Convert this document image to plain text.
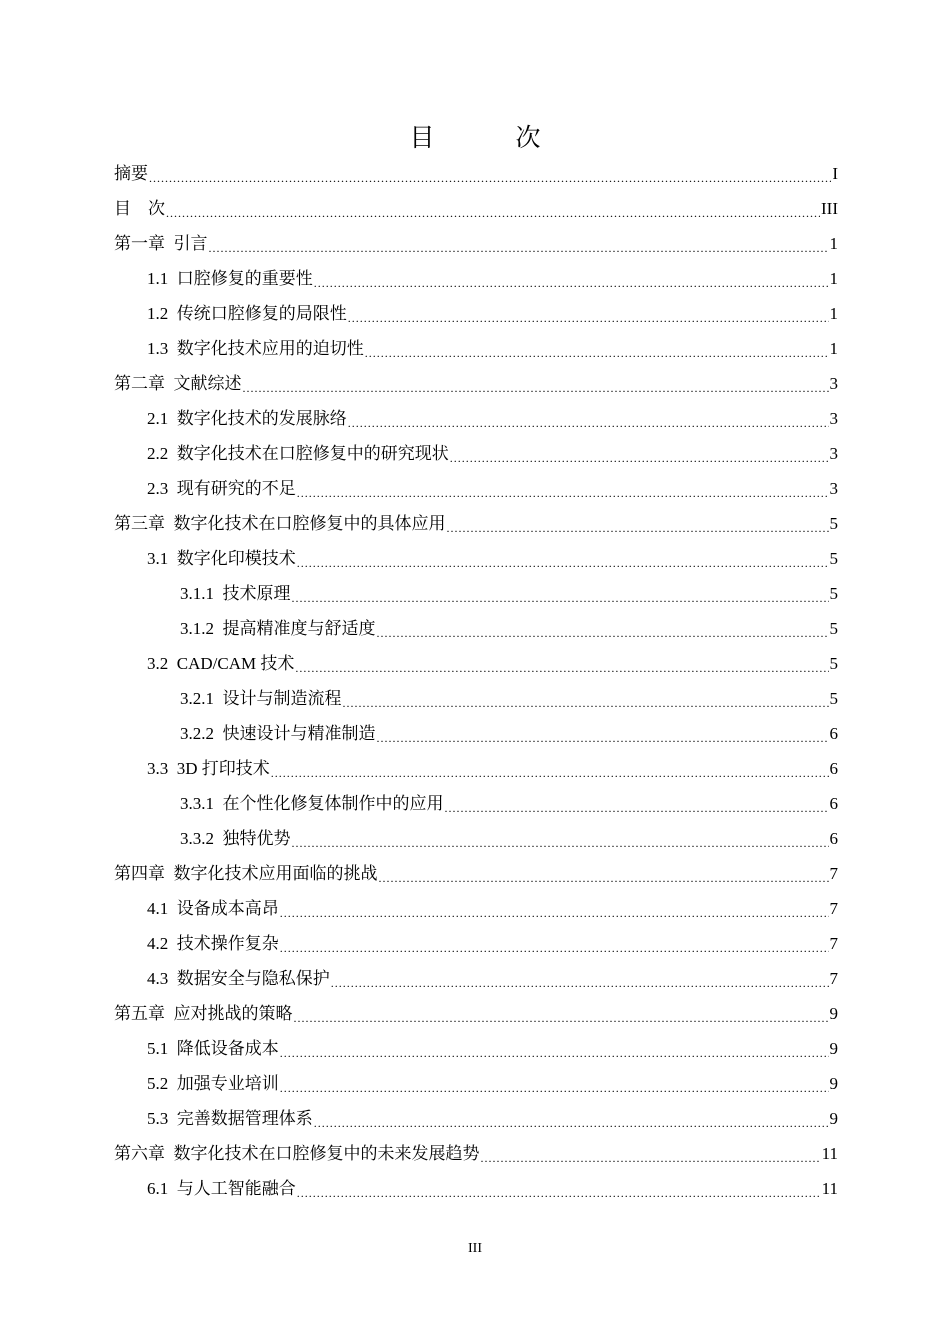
目　次
摘要 .....	I
目　次 .....	III
第一章 引言 .....	1
1.1 口腔修复的重要性 .....	1
1.2 传统口腔修复的局限性 .....	1
1.3 数字化技术应用的迫切性 .....	1
第二章 文献综述 .....	3
2.1 数字化技术的发展脉络 .....	3
2.2 数字化技术在口腔修复中的研究现状 .....	3
2.3 现有研究的不足 .....	3
第三章 数字化技术在口腔修复中的具体应用 .....	5
3.1 数字化印模技术 .....	5
3.1.1 技术原理 .....	5
3.1.2 提高精准度与舒适度 .....	5
3.2 CAD/CAM 技术 .....	5
3.2.1 设计与制造流程 .....	5
3.2.2 快速设计与精准制造 .....	6
3.3 3D 打印技术 .....	6
3.3.1 在个性化修复体制作中的应用 .....	6
3.3.2 独特优势 .....	6
第四章 数字化技术应用面临的挑战 .....	7
4.1 设备成本高昂 .....	7
4.2 技术操作复杂 .....	7
4.3 数据安全与隐私保护 .....	7
第五章 应对挑战的策略 .....	9
5.1 降低设备成本 .....	9
5.2 加强专业培训 .....	9
5.3 完善数据管理体系 .....	9
第六章 数字化技术在口腔修复中的未来发展趋势 .....	11
6.1 与人工智能融合 .....	11
III
